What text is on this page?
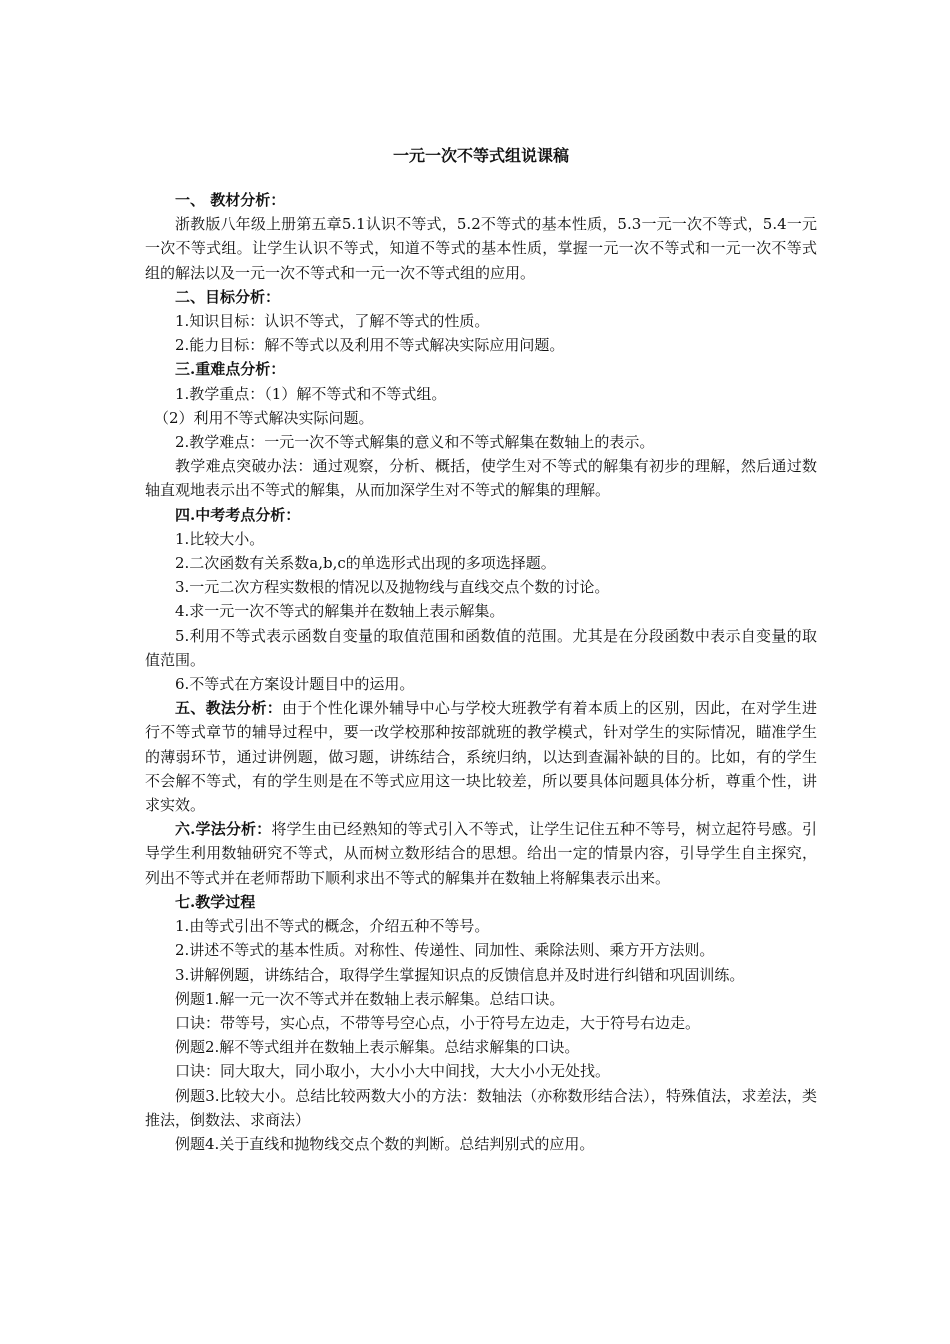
一元一次不等式组说课稿
一、 教材分析：
浙教版八年级上册第五章5.1认识不等式，5.2不等式的基本性质，5.3一元一次不等式，5.4一元一次不等式组。让学生认识不等式，知道不等式的基本性质，掌握一元一次不等式和一元一次不等式组的解法以及一元一次不等式和一元一次不等式组的应用。
二、目标分析：
1.知识目标：认识不等式，了解不等式的性质。
2.能力目标：解不等式以及利用不等式解决实际应用问题。
三.重难点分析：
1.教学重点：（1）解不等式和不等式组。
（2）利用不等式解决实际问题。
2.教学难点：一元一次不等式解集的意义和不等式解集在数轴上的表示。
教学难点突破办法：通过观察，分析、概括，使学生对不等式的解集有初步的理解，然后通过数轴直观地表示出不等式的解集，从而加深学生对不等式的解集的理解。
四.中考考点分析：
1.比较大小。
2.二次函数有关系数a,b,c的单选形式出现的多项选择题。
3.一元二次方程实数根的情况以及抛物线与直线交点个数的讨论。
4.求一元一次不等式的解集并在数轴上表示解集。
5.利用不等式表示函数自变量的取值范围和函数值的范围。尤其是在分段函数中表示自变量的取值范围。
6.不等式在方案设计题目中的运用。
五、教法分析：由于个性化课外辅导中心与学校大班教学有着本质上的区别，因此，在对学生进行不等式章节的辅导过程中，要一改学校那种按部就班的教学模式，针对学生的实际情况，瞄准学生的薄弱环节，通过讲例题，做习题，讲练结合，系统归纳，以达到查漏补缺的目的。比如，有的学生不会解不等式，有的学生则是在不等式应用这一块比较差，所以要具体问题具体分析，尊重个性，讲求实效。
六.学法分析：将学生由已经熟知的等式引入不等式，让学生记住五种不等号，树立起符号感。引导学生利用数轴研究不等式，从而树立数形结合的思想。给出一定的情景内容，引导学生自主探究，列出不等式并在老师帮助下顺利求出不等式的解集并在数轴上将解集表示出来。
七.教学过程
1.由等式引出不等式的概念，介绍五种不等号。
2.讲述不等式的基本性质。对称性、传递性、同加性、乘除法则、乘方开方法则。
3.讲解例题，讲练结合，取得学生掌握知识点的反馈信息并及时进行纠错和巩固训练。
例题1.解一元一次不等式并在数轴上表示解集。总结口诀。
口诀：带等号，实心点，不带等号空心点，小于符号左边走，大于符号右边走。
例题2.解不等式组并在数轴上表示解集。总结求解集的口诀。
口诀：同大取大，同小取小，大小小大中间找，大大小小无处找。
例题3.比较大小。总结比较两数大小的方法：数轴法（亦称数形结合法），特殊值法，求差法，类推法，倒数法、求商法）
例题4.关于直线和抛物线交点个数的判断。总结判别式的应用。
